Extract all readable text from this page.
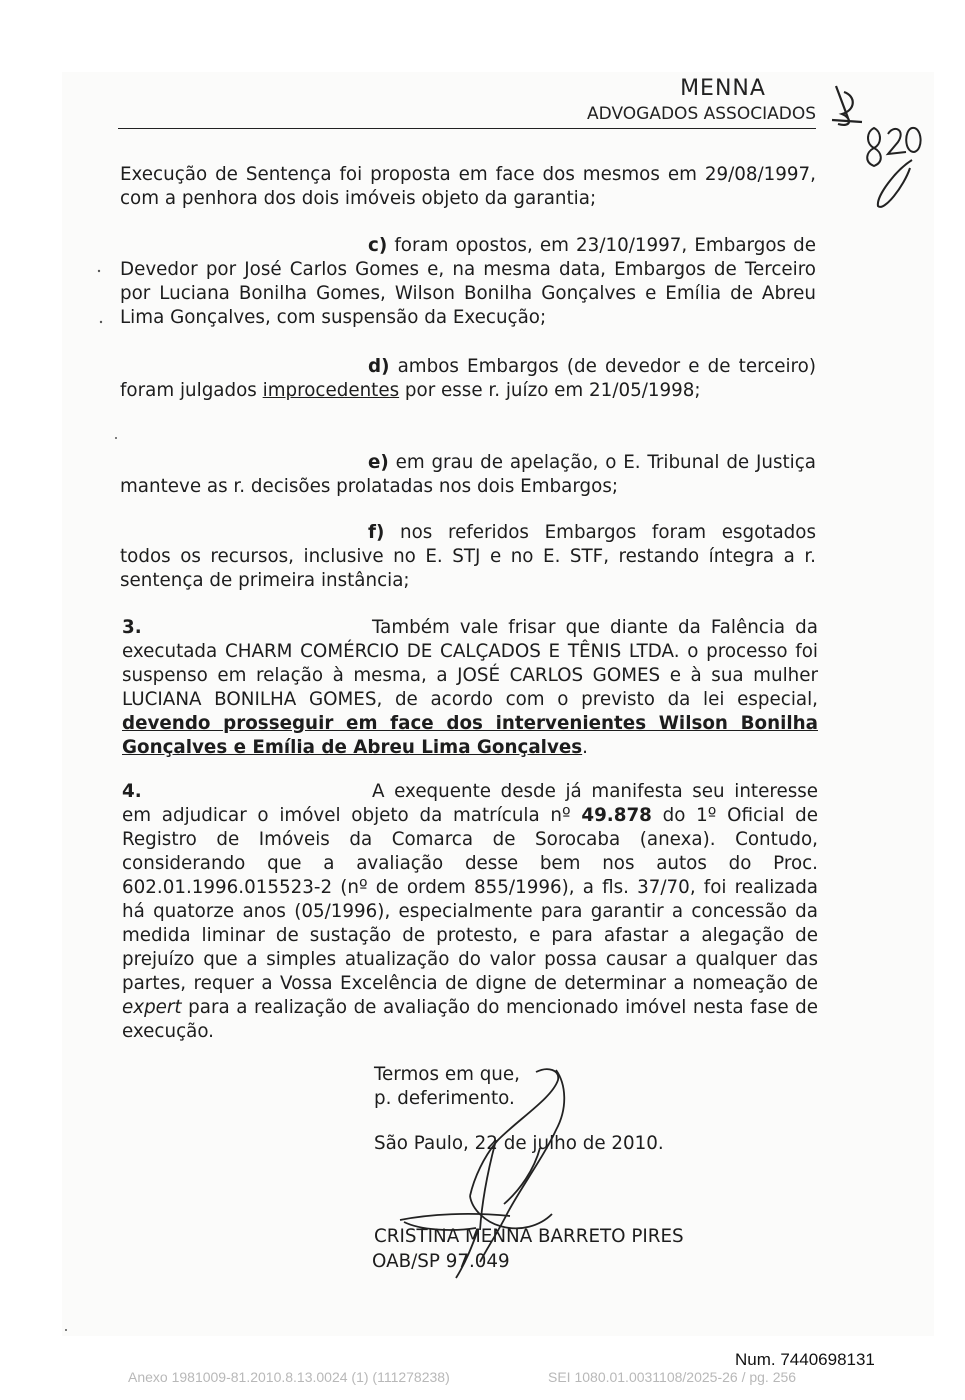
MENNA
ADVOGADOS ASSOCIADOS
Execução de Sentença foi proposta em face dos mesmos em 29/08/1997, com a penhora dos dois imóveis objeto da garantia;
c) foram opostos, em 23/10/1997, Embargos de Devedor por José Carlos Gomes e, na mesma data, Embargos de Terceiro por Luciana Bonilha Gomes, Wilson Bonilha Gonçalves e Emília de Abreu Lima Gonçalves, com suspensão da Execução;
d) ambos Embargos (de devedor e de terceiro) foram julgados improcedentes por esse r. juízo em 21/05/1998;
e) em grau de apelação, o E. Tribunal de Justiça manteve as r. decisões prolatadas nos dois Embargos;
f) nos referidos Embargos foram esgotados todos os recursos, inclusive no E. STJ e no E. STF, restando íntegra a r. sentença de primeira instância;
3.	Também vale frisar que diante da Falência da executada CHARM COMÉRCIO DE CALÇADOS E TÊNIS LTDA. o processo foi suspenso em relação à mesma, a JOSÉ CARLOS GOMES e à sua mulher LUCIANA BONILHA GOMES, de acordo com o previsto da lei especial, devendo prosseguir em face dos intervenientes Wilson Bonilha Gonçalves e Emília de Abreu Lima Gonçalves.
4.	A exequente desde já manifesta seu interesse em adjudicar o imóvel objeto da matrícula nº 49.878 do 1º Oficial de Registro de Imóveis da Comarca de Sorocaba (anexa). Contudo, considerando que a avaliação desse bem nos autos do Proc. 602.01.1996.015523-2 (nº de ordem 855/1996), a fls. 37/70, foi realizada há quatorze anos (05/1996), especialmente para garantir a concessão da medida liminar de sustação de protesto, e para afastar a alegação de prejuízo que a simples atualização do valor possa causar a qualquer das partes, requer a Vossa Excelência de digne de determinar a nomeação de expert para a realização de avaliação do mencionado imóvel nesta fase de execução.
Termos em que,
p. deferimento.
São Paulo, 22 de julho de 2010.
CRISTINA MENNA BARRETO PIRES
OAB/SP 97.049
Num. 7440698131
Anexo 1981009-81.2010.8.13.0024 (1) (111278238)	SEI 1080.01.0031108/2025-26 / pg. 256
